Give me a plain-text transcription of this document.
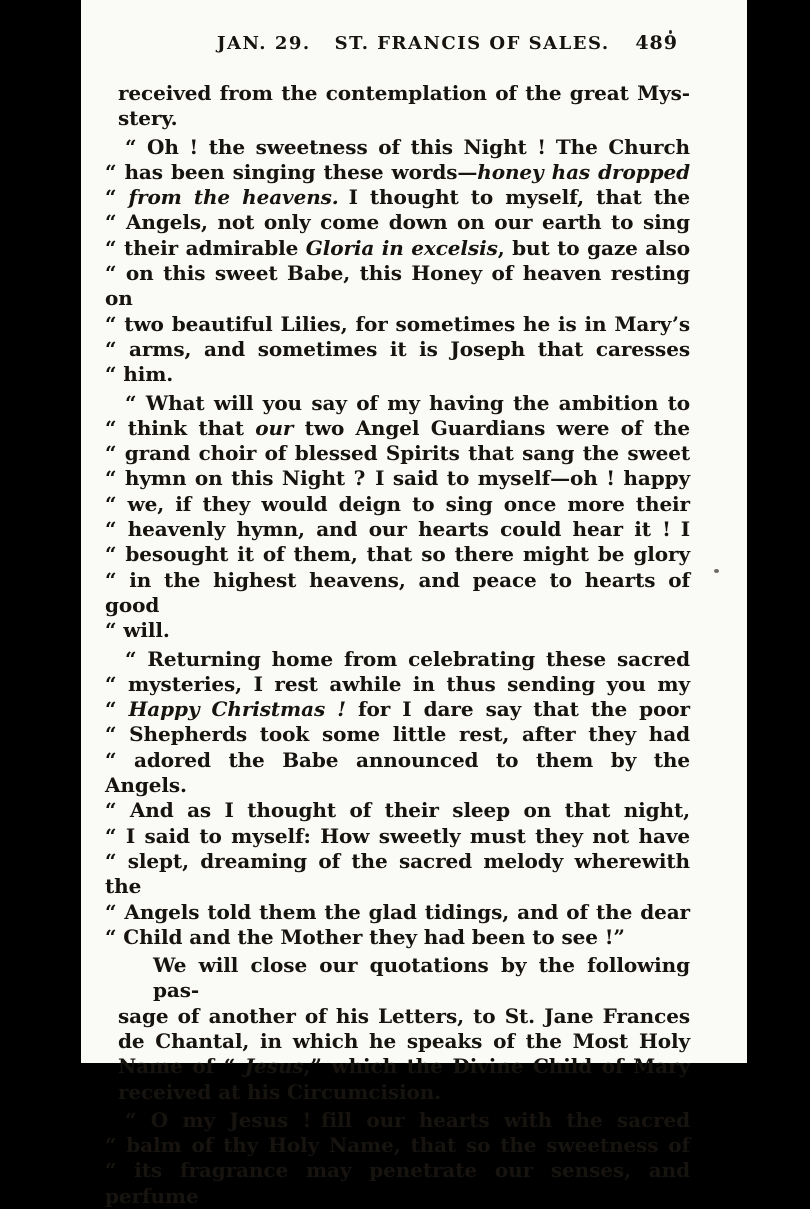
JAN. 29. ST. FRANCIS OF SALES. 489
received from the contemplation of the great Mys-
stery.
“ Oh ! the sweetness of this Night ! The Church
“ has been singing these words—honey has dropped
“ from the heavens. I thought to myself, that the
“ Angels, not only come down on our earth to sing
“ their admirable Gloria in excelsis, but to gaze also
“ on this sweet Babe, this Honey of heaven resting on
“ two beautiful Lilies, for sometimes he is in Mary’s
“ arms, and sometimes it is Joseph that caresses
“ him.
“ What will you say of my having the ambition to
“ think that our two Angel Guardians were of the
“ grand choir of blessed Spirits that sang the sweet
“ hymn on this Night ? I said to myself—oh ! happy
“ we, if they would deign to sing once more their
“ heavenly hymn, and our hearts could hear it ! I
“ besought it of them, that so there might be glory
“ in the highest heavens, and peace to hearts of good
“ will.
“ Returning home from celebrating these sacred
“ mysteries, I rest awhile in thus sending you my
“ Happy Christmas ! for I dare say that the poor
“ Shepherds took some little rest, after they had
“ adored the Babe announced to them by the Angels.
“ And as I thought of their sleep on that night,
“ I said to myself: How sweetly must they not have
“ slept, dreaming of the sacred melody wherewith the
“ Angels told them the glad tidings, and of the dear
“ Child and the Mother they had been to see !”
We will close our quotations by the following pas-
sage of another of his Letters, to St. Jane Frances
de Chantal, in which he speaks of the Most Holy
Name of “ Jesus,” which the Divine Child of Mary
received at his Circumcision.
“ O my Jesus ! fill our hearts with the sacred
“ balm of thy Holy Name, that so the sweetness of
“ its fragrance may penetrate our senses, and perfume
